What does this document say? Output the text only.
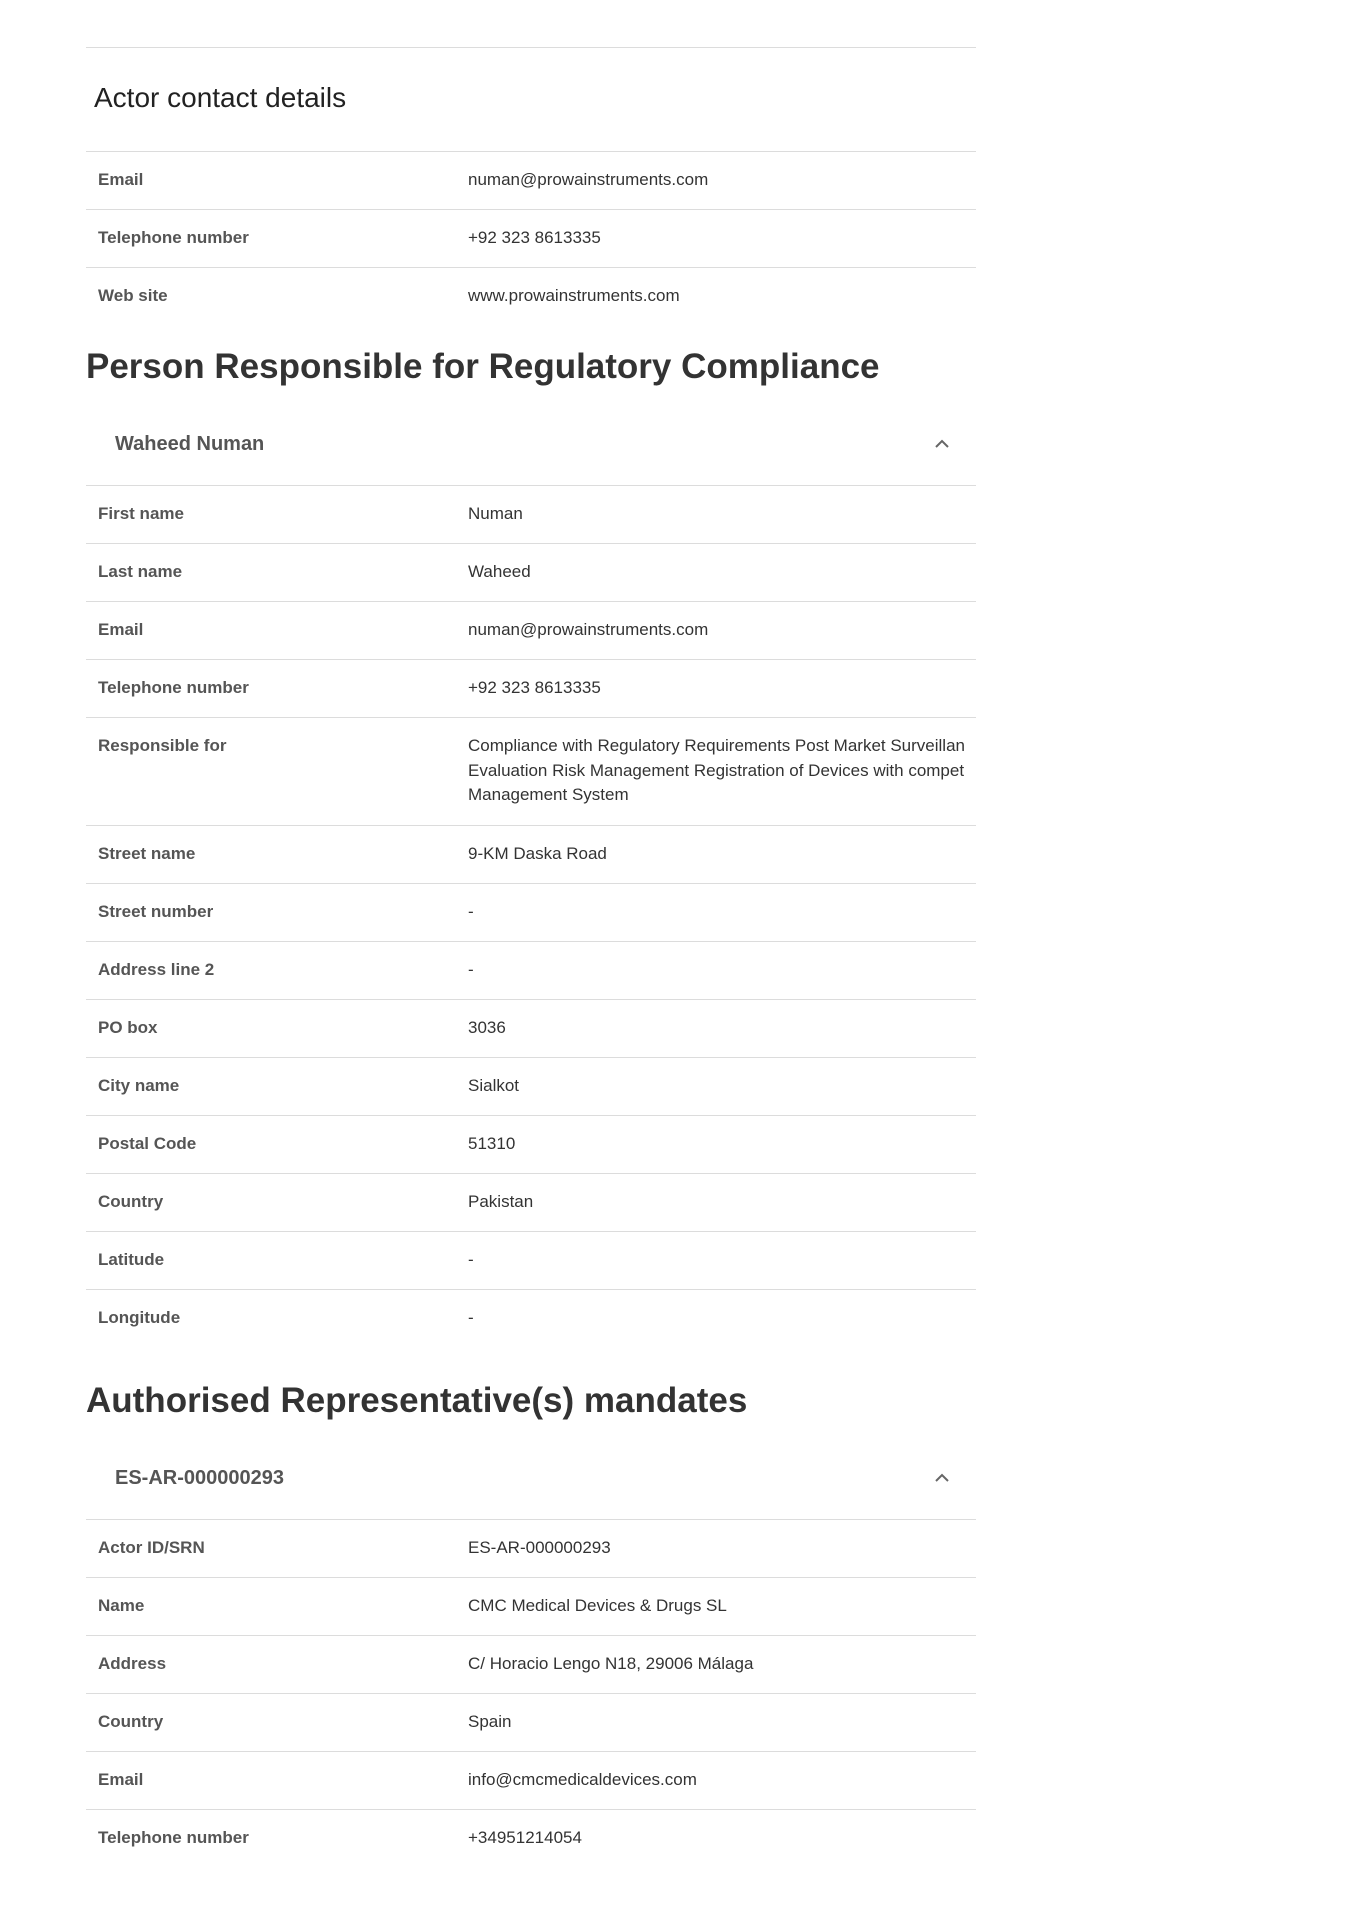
Actor contact details
Email	numan@prowainstruments.com
Telephone number	+92 323 8613335
Web site	www.prowainstruments.com
Person Responsible for Regulatory Compliance
Waheed Numan
First name	Numan
Last name	Waheed
Email	numan@prowainstruments.com
Telephone number	+92 323 8613335
Responsible for	Compliance with Regulatory Requirements Post Market Surveillan
Evaluation Risk Management Registration of Devices with compet
Management System
Street name	9-KM Daska Road
Street number	-
Address line 2	-
PO box	3036
City name	Sialkot
Postal Code	51310
Country	Pakistan
Latitude	-
Longitude	-
Authorised Representative(s) mandates
ES-AR-000000293
Actor ID/SRN	ES-AR-000000293
Name	CMC Medical Devices & Drugs SL
Address	C/ Horacio Lengo N18, 29006 Málaga
Country	Spain
Email	info@cmcmedicaldevices.com
Telephone number	+34951214054
